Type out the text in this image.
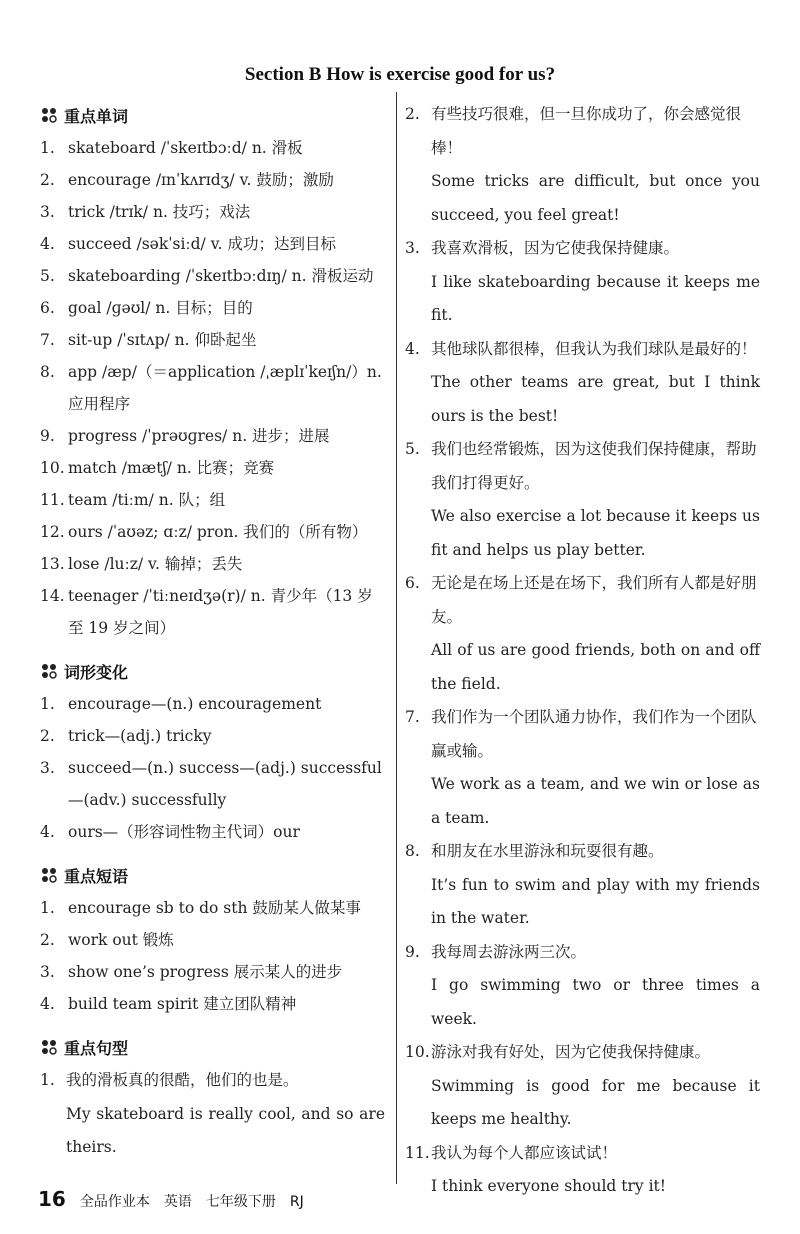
Section B How is exercise good for us?
重点单词
1. skateboard /ˈskeɪtbɔːd/ n. 滑板
2. encourage /ɪnˈkʌrɪdʒ/ v. 鼓励；激励
3. trick /trɪk/ n. 技巧；戏法
4. succeed /səkˈsiːd/ v. 成功；达到目标
5. skateboarding /ˈskeɪtbɔːdɪŋ/ n. 滑板运动
6. goal /ɡəʊl/ n. 目标；目的
7. sit-up /ˈsɪtʌp/ n. 仰卧起坐
8. app /æp/（＝application /ˌæplɪˈkeɪʃn/）n. 应用程序
9. progress /ˈprəʊɡres/ n. 进步；进展
10. match /mætʃ/ n. 比赛；竞赛
11. team /tiːm/ n. 队；组
12. ours /ˈaʊəz; ɑːz/ pron. 我们的（所有物）
13. lose /luːz/ v. 输掉；丢失
14. teenager /ˈtiːneɪdʒə(r)/ n. 青少年（13 岁至 19 岁之间）
词形变化
1. encourage—(n.) encouragement
2. trick—(adj.) tricky
3. succeed—(n.) success—(adj.) successful—(adv.) successfully
4. ours—（形容词性物主代词）our
重点短语
1. encourage sb to do sth 鼓励某人做某事
2. work out 锻炼
3. show one’s progress 展示某人的进步
4. build team spirit 建立团队精神
重点句型
1. 我的滑板真的很酷，他们的也是。
My skateboard is really cool, and so are theirs.
2. 有些技巧很难，但一旦你成功了，你会感觉很棒！
Some tricks are difficult, but once you succeed, you feel great!
3. 我喜欢滑板，因为它使我保持健康。
I like skateboarding because it keeps me fit.
4. 其他球队都很棒，但我认为我们球队是最好的！
The other teams are great, but I think ours is the best!
5. 我们也经常锻炼，因为这使我们保持健康，帮助我们打得更好。
We also exercise a lot because it keeps us fit and helps us play better.
6. 无论是在场上还是在场下，我们所有人都是好朋友。
All of us are good friends, both on and off the field.
7. 我们作为一个团队通力协作，我们作为一个团队赢或输。
We work as a team, and we win or lose as a team.
8. 和朋友在水里游泳和玩耍很有趣。
It’s fun to swim and play with my friends in the water.
9. 我每周去游泳两三次。
I go swimming two or three times a week.
10. 游泳对我有好处，因为它使我保持健康。
Swimming is good for me because it keeps me healthy.
11. 我认为每个人都应该试试！
I think everyone should try it!
16 全品作业本 英语 七年级下册 RJ
